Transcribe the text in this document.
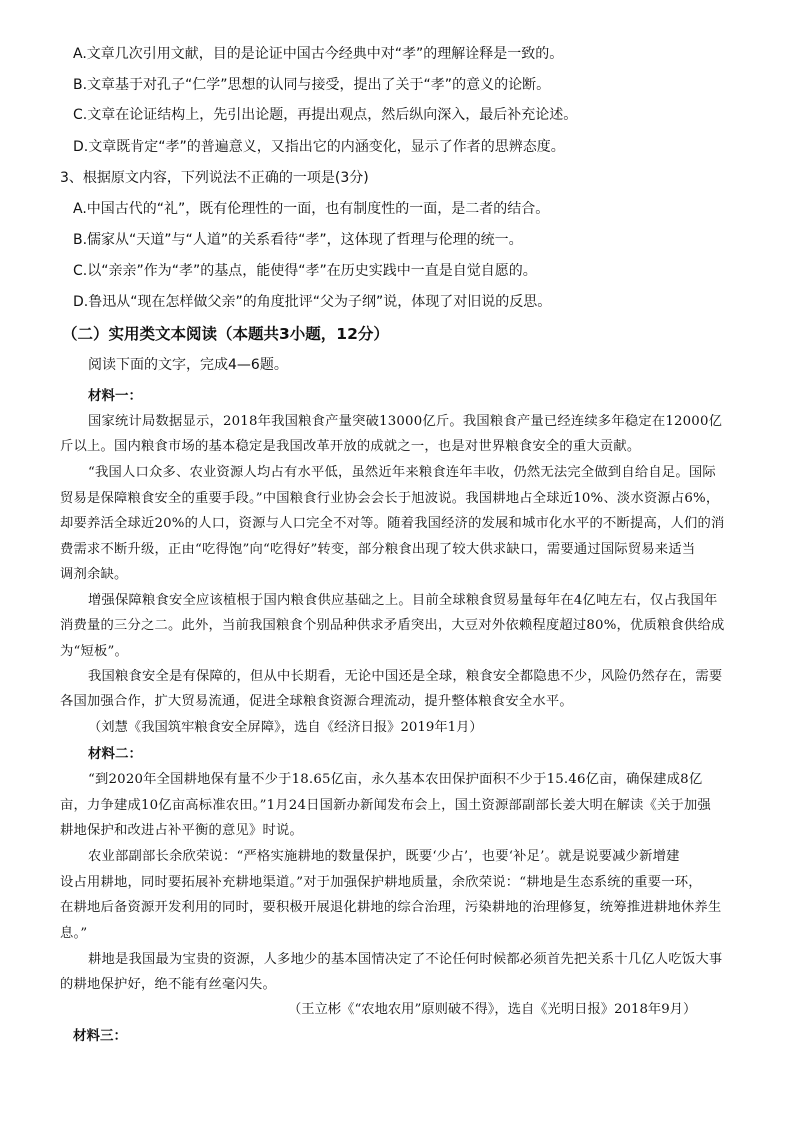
A.文章几次引用文献，目的是论证中国古今经典中对“孝”的理解诠释是一致的。
B.文章基于对孔子“仁学”思想的认同与接受，提出了关于“孝”的意义的论断。
C.文章在论证结构上，先引出论题，再提出观点，然后纵向深入，最后补充论述。
D.文章既肯定“孝”的普遍意义，又指出它的内涵变化，显示了作者的思辨态度。
3、根据原文内容，下列说法不正确的一项是(3分)
A.中国古代的“礼”，既有伦理性的一面，也有制度性的一面，是二者的结合。
B.儒家从“天道”与“人道”的关系看待“孝”，这体现了哲理与伦理的统一。
C.以“亲亲”作为“孝”的基点，能使得“孝”在历史实践中一直是自觉自愿的。
D.鲁迅从“现在怎样做父亲”的角度批评“父为子纲”说，体现了对旧说的反思。
（二）实用类文本阅读（本题共3小题，12分）
阅读下面的文字，完成4—6题。
材料一：
国家统计局数据显示，2018年我国粮食产量突破13000亿斤。我国粮食产量已经连续多年稳定在12000亿
斤以上。国内粮食市场的基本稳定是我国改革开放的成就之一，也是对世界粮食安全的重大贡献。
“我国人口众多、农业资源人均占有水平低，虽然近年来粮食连年丰收，仍然无法完全做到自给自足。国际
贸易是保障粮食安全的重要手段。”中国粮食行业协会会长于旭波说。我国耕地占全球近10%、淡水资源占6%，
却要养活全球近20%的人口，资源与人口完全不对等。随着我国经济的发展和城市化水平的不断提高，人们的消
费需求不断升级，正由“吃得饱”向“吃得好”转变，部分粮食出现了较大供求缺口，需要通过国际贸易来适当
调剂余缺。
增强保障粮食安全应该植根于国内粮食供应基础之上。目前全球粮食贸易量每年在4亿吨左右，仅占我国年
消费量的三分之二。此外，当前我国粮食个别品种供求矛盾突出，大豆对外依赖程度超过80%，优质粮食供给成
为“短板”。
我国粮食安全是有保障的，但从中长期看，无论中国还是全球，粮食安全都隐患不少，风险仍然存在，需要
各国加强合作，扩大贸易流通，促进全球粮食资源合理流动，提升整体粮食安全水平。
（刘慧《我国筑牢粮食安全屏障》，选自《经济日报》2019年1月）
材料二：
“到2020年全国耕地保有量不少于18.65亿亩，永久基本农田保护面积不少于15.46亿亩，确保建成8亿
亩，力争建成10亿亩高标准农田。”1月24日国新办新闻发布会上，国土资源部副部长姜大明在解读《关于加强
耕地保护和改进占补平衡的意见》时说。
农业部副部长余欣荣说：“严格实施耕地的数量保护，既要‘少占’，也要‘补足’。就是说要减少新增建
设占用耕地，同时要拓展补充耕地渠道。”对于加强保护耕地质量，余欣荣说：“耕地是生态系统的重要一环，
在耕地后备资源开发利用的同时，要积极开展退化耕地的综合治理，污染耕地的治理修复，统筹推进耕地休养生
息。”
耕地是我国最为宝贵的资源，人多地少的基本国情决定了不论任何时候都必须首先把关系十几亿人吃饭大事
的耕地保护好，绝不能有丝毫闪失。
（王立彬《“农地农用”原则破不得》，选自《光明日报》2018年9月）
材料三：
